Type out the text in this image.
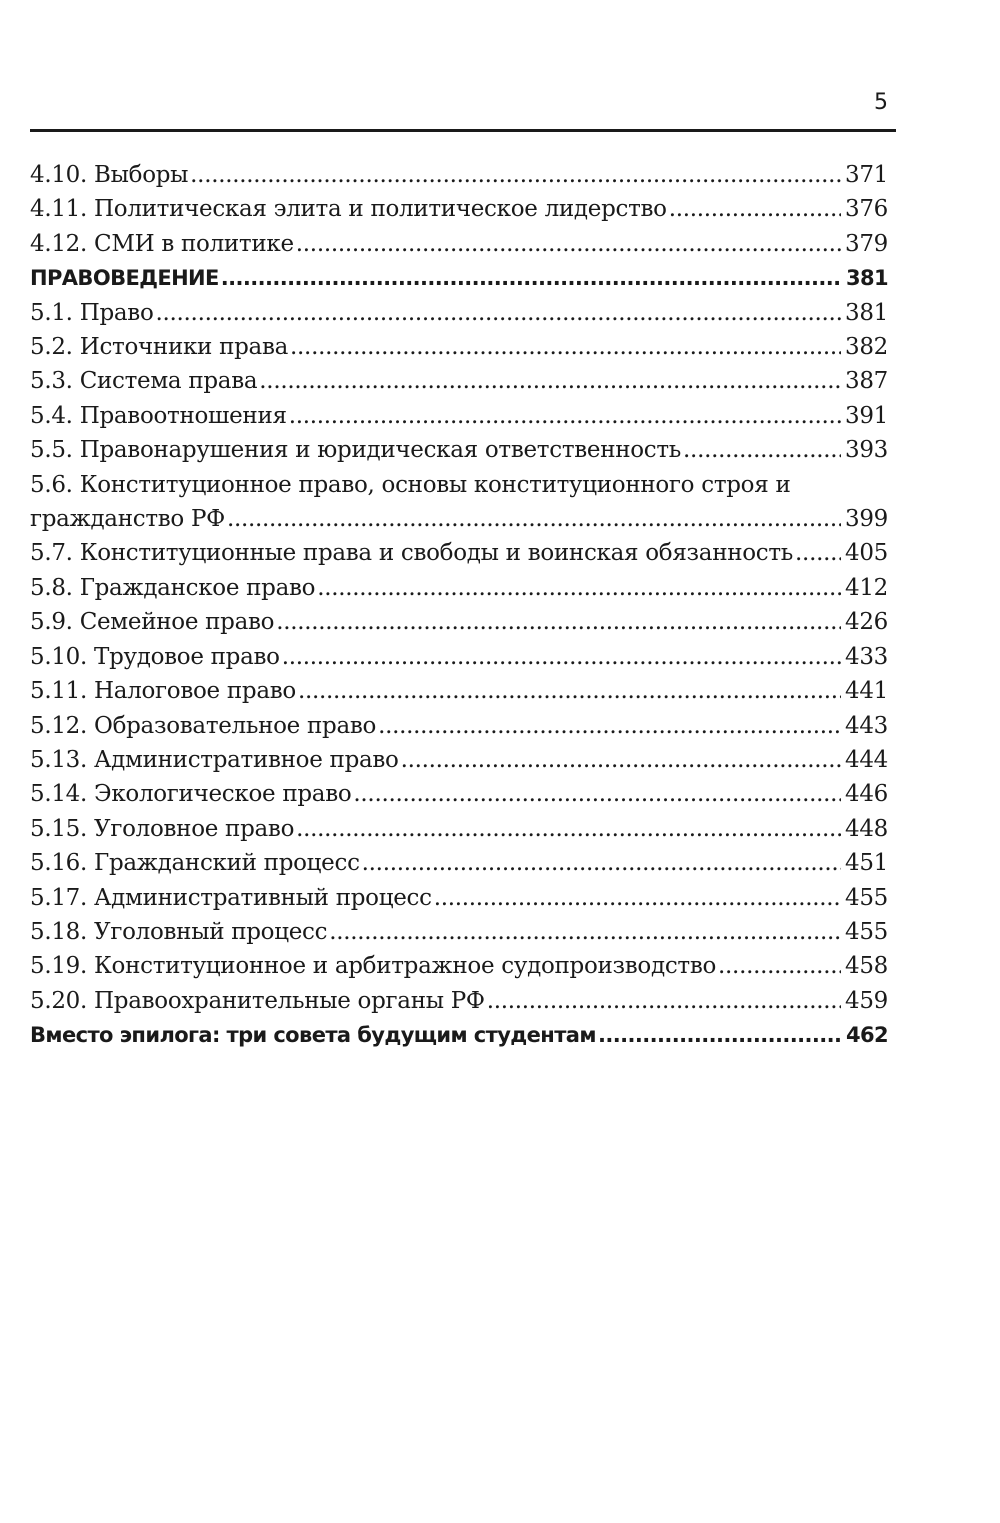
5
4.10. Выборы .....	371
4.11. Политическая элита и политическое лидерство .....	376
4.12. СМИ в политике .....	379
ПРАВОВЕДЕНИЕ .....	381
5.1. Право .....	381
5.2. Источники права .....	382
5.3. Система права .....	387
5.4. Правоотношения .....	391
5.5. Правонарушения и юридическая ответственность .....	393
5.6. Конституционное право, основы конституционного строя и
гражданство РФ .....	399
5.7. Конституционные права и свободы и воинская обязанность ..... 405
5.8. Гражданское право .....	412
5.9. Семейное право .....	426
5.10. Трудовое право .....	433
5.11. Налоговое право .....	441
5.12. Образовательное право .....	443
5.13. Административное право .....	444
5.14. Экологическое право .....	446
5.15. Уголовное право .....	448
5.16. Гражданский процесс .....	451
5.17. Административный процесс .....	455
5.18. Уголовный процесс .....	455
5.19. Конституционное и арбитражное судопроизводство .....	458
5.20. Правоохранительные органы РФ .....	459
Вместо эпилога: три совета будущим студентам .....	462
